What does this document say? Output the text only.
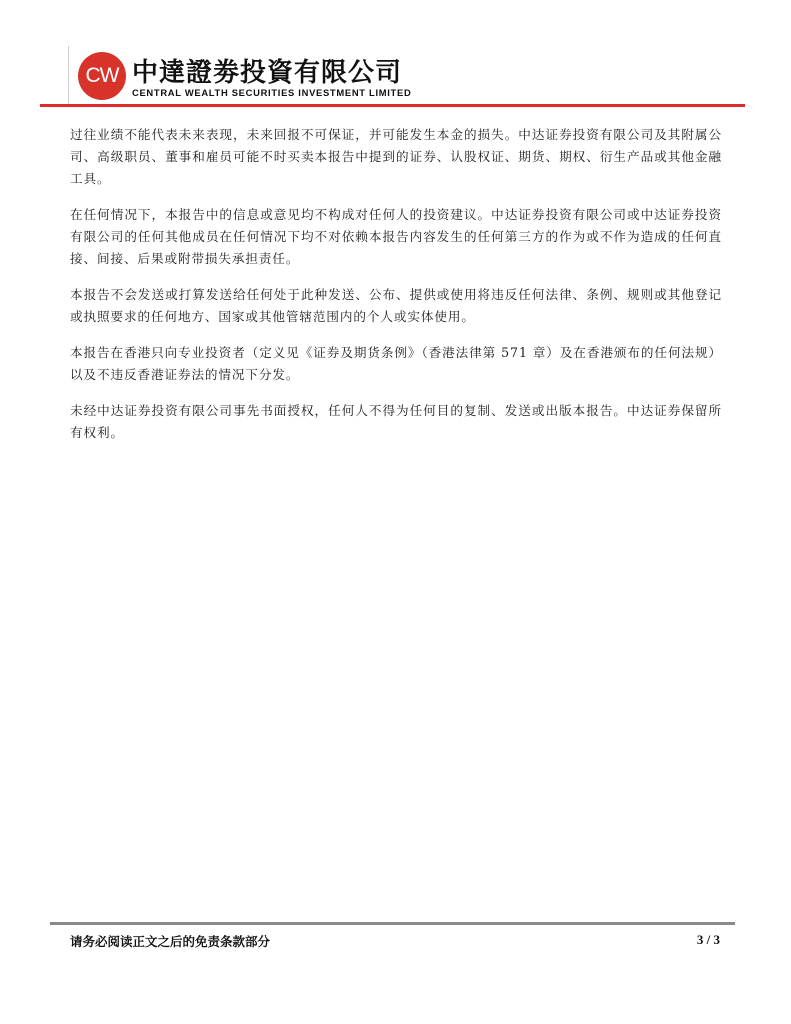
CW 中達證劵投資有限公司
CENTRAL WEALTH SECURITIES INVESTMENT LIMITED

过往业绩不能代表未来表现，未来回报不可保证，并可能发生本金的损失。中达证券投资有限公司及其附属公司、高级职员、董事和雇员可能不时买卖本报告中提到的证券、认股权证、期货、期权、衍生产品或其他金融工具。

在任何情况下，本报告中的信息或意见均不构成对任何人的投资建议。中达证券投资有限公司或中达证券投资有限公司的任何其他成员在任何情况下均不对依赖本报告内容发生的任何第三方的作为或不作为造成的任何直接、间接、后果或附带损失承担责任。

本报告不会发送或打算发送给任何处于此种发送、公布、提供或使用将违反任何法律、条例、规则或其他登记或执照要求的任何地方、国家或其他管辖范围内的个人或实体使用。

本报告在香港只向专业投资者（定义见《证券及期货条例》（香港法律第 571 章）及在香港颁布的任何法规）以及不违反香港证券法的情况下分发。

未经中达证券投资有限公司事先书面授权，任何人不得为任何目的复制、发送或出版本报告。中达证券保留所有权利。

请务必阅读正文之后的免责条款部分	3 / 3
